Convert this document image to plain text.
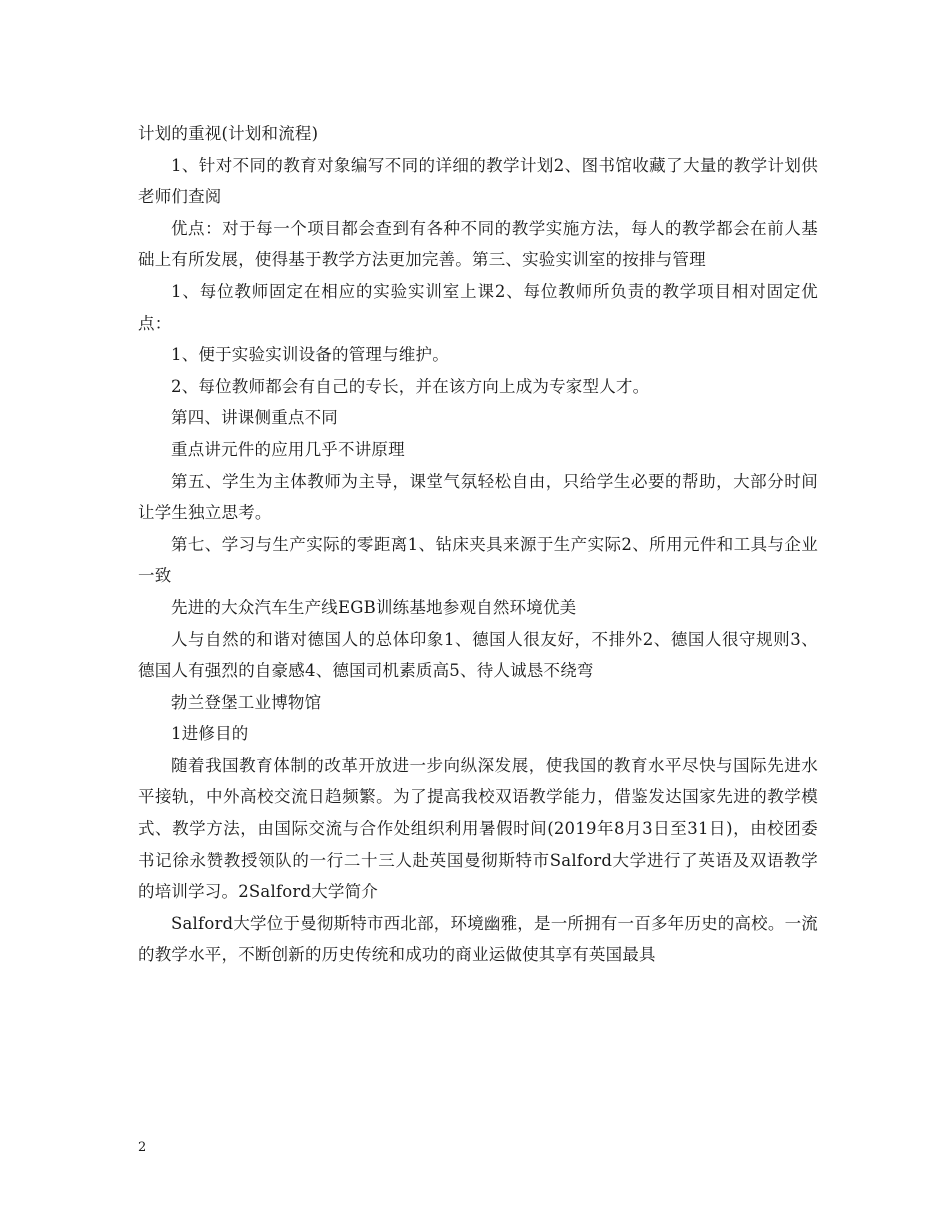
计划的重视(计划和流程)

1、针对不同的教育对象编写不同的详细的教学计划2、图书馆收藏了大量的教学计划供老师们查阅

优点：对于每一个项目都会查到有各种不同的教学实施方法，每人的教学都会在前人基础上有所发展，使得基于教学方法更加完善。第三、实验实训室的按排与管理

1、每位教师固定在相应的实验实训室上课2、每位教师所负责的教学项目相对固定优点：

1、便于实验实训设备的管理与维护。

2、每位教师都会有自己的专长，并在该方向上成为专家型人才。

第四、讲课侧重点不同

重点讲元件的应用几乎不讲原理

第五、学生为主体教师为主导，课堂气氛轻松自由，只给学生必要的帮助，大部分时间让学生独立思考。

第七、学习与生产实际的零距离1、钻床夹具来源于生产实际2、所用元件和工具与企业一致

先进的大众汽车生产线EGB训练基地参观自然环境优美

人与自然的和谐对德国人的总体印象1、德国人很友好，不排外2、德国人很守规则3、德国人有强烈的自豪感4、德国司机素质高5、待人诚恳不绕弯

勃兰登堡工业博物馆

1进修目的

随着我国教育体制的改革开放进一步向纵深发展，使我国的教育水平尽快与国际先进水平接轨，中外高校交流日趋频繁。为了提高我校双语教学能力，借鉴发达国家先进的教学模式、教学方法，由国际交流与合作处组织利用暑假时间(2019年8月3日至31日)，由校团委书记徐永赞教授领队的一行二十三人赴英国曼彻斯特市Salford大学进行了英语及双语教学的培训学习。2Salford大学简介

Salford大学位于曼彻斯特市西北部，环境幽雅，是一所拥有一百多年历史的高校。一流的教学水平，不断创新的历史传统和成功的商业运做使其享有英国最具

2
